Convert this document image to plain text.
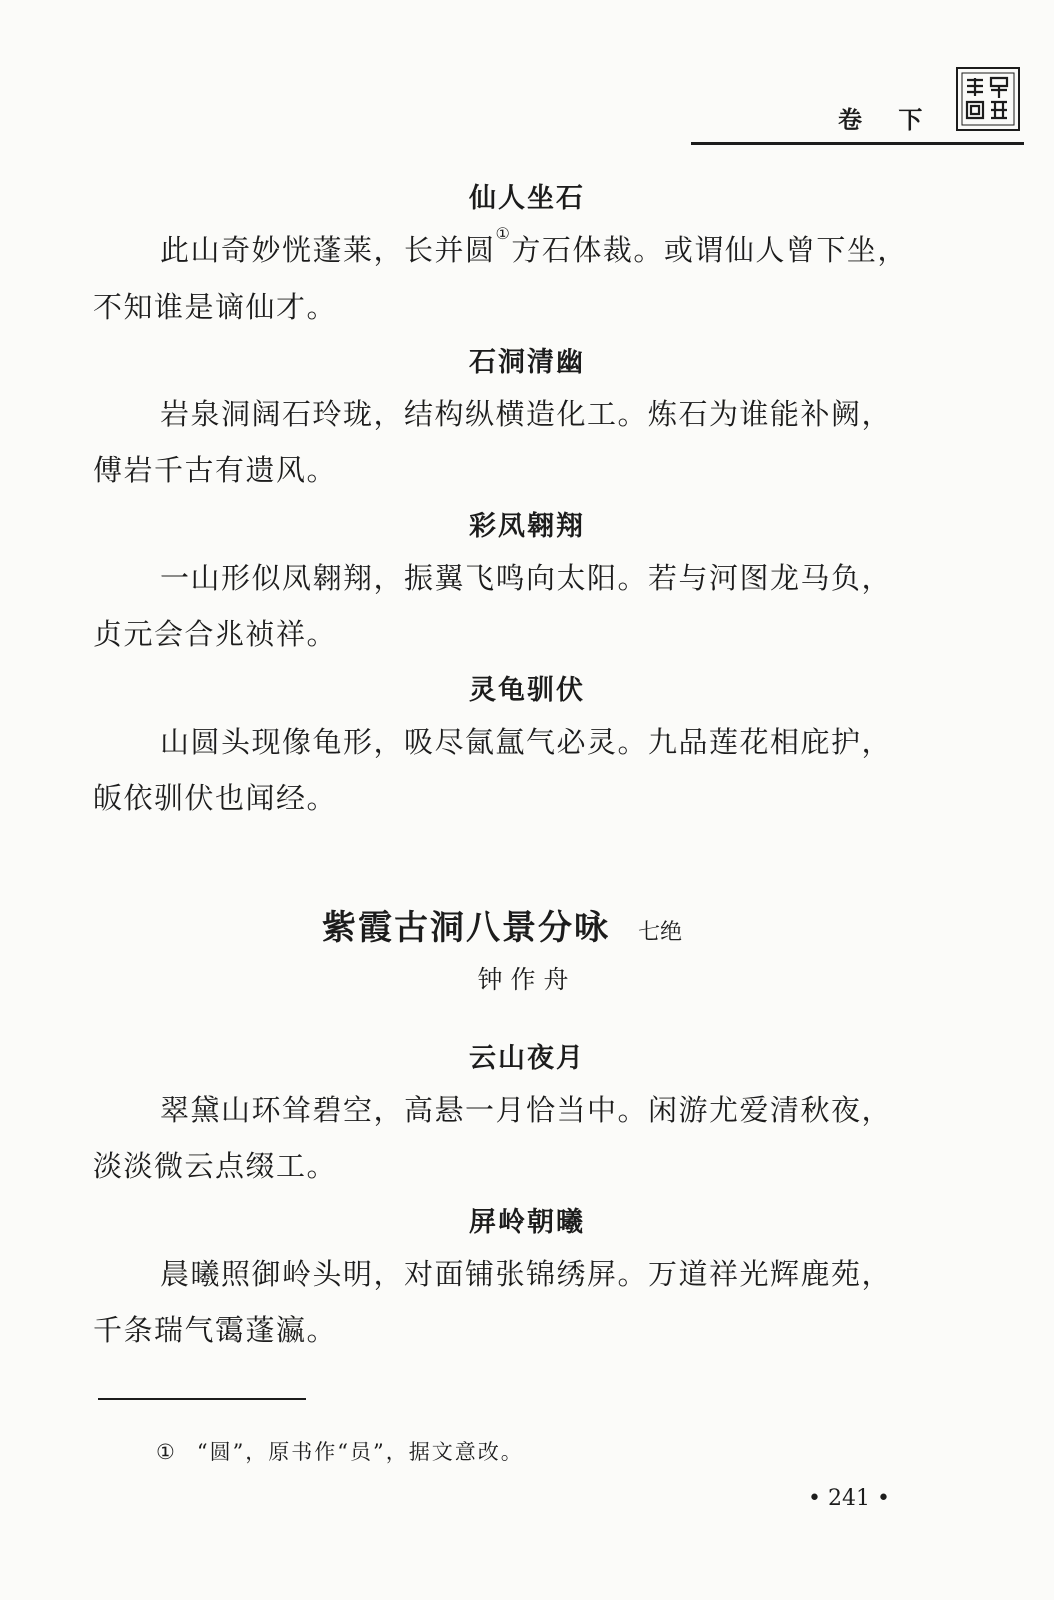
卷 下
仙人坐石
此山奇妙恍蓬莱，长并圆①方石体裁。或谓仙人曾下坐，
不知谁是谪仙才。
石洞清幽
岩泉洞阔石玲珑，结构纵横造化工。炼石为谁能补阙，
傅岩千古有遗风。
彩凤翱翔
一山形似凤翱翔，振翼飞鸣向太阳。若与河图龙马负，
贞元会合兆祯祥。
灵龟驯伏
山圆头现像龟形，吸尽氤氲气必灵。九品莲花相庇护，
皈依驯伏也闻经。
紫霞古洞八景分咏 七绝
钟作舟
云山夜月
翠黛山环耸碧空，高悬一月恰当中。闲游尤爱清秋夜，
淡淡微云点缀工。
屏岭朝曦
晨曦照御岭头明，对面铺张锦绣屏。万道祥光辉鹿苑，
千条瑞气霭蓬瀛。
① “圆”，原书作“员”，据文意改。
• 241 •
